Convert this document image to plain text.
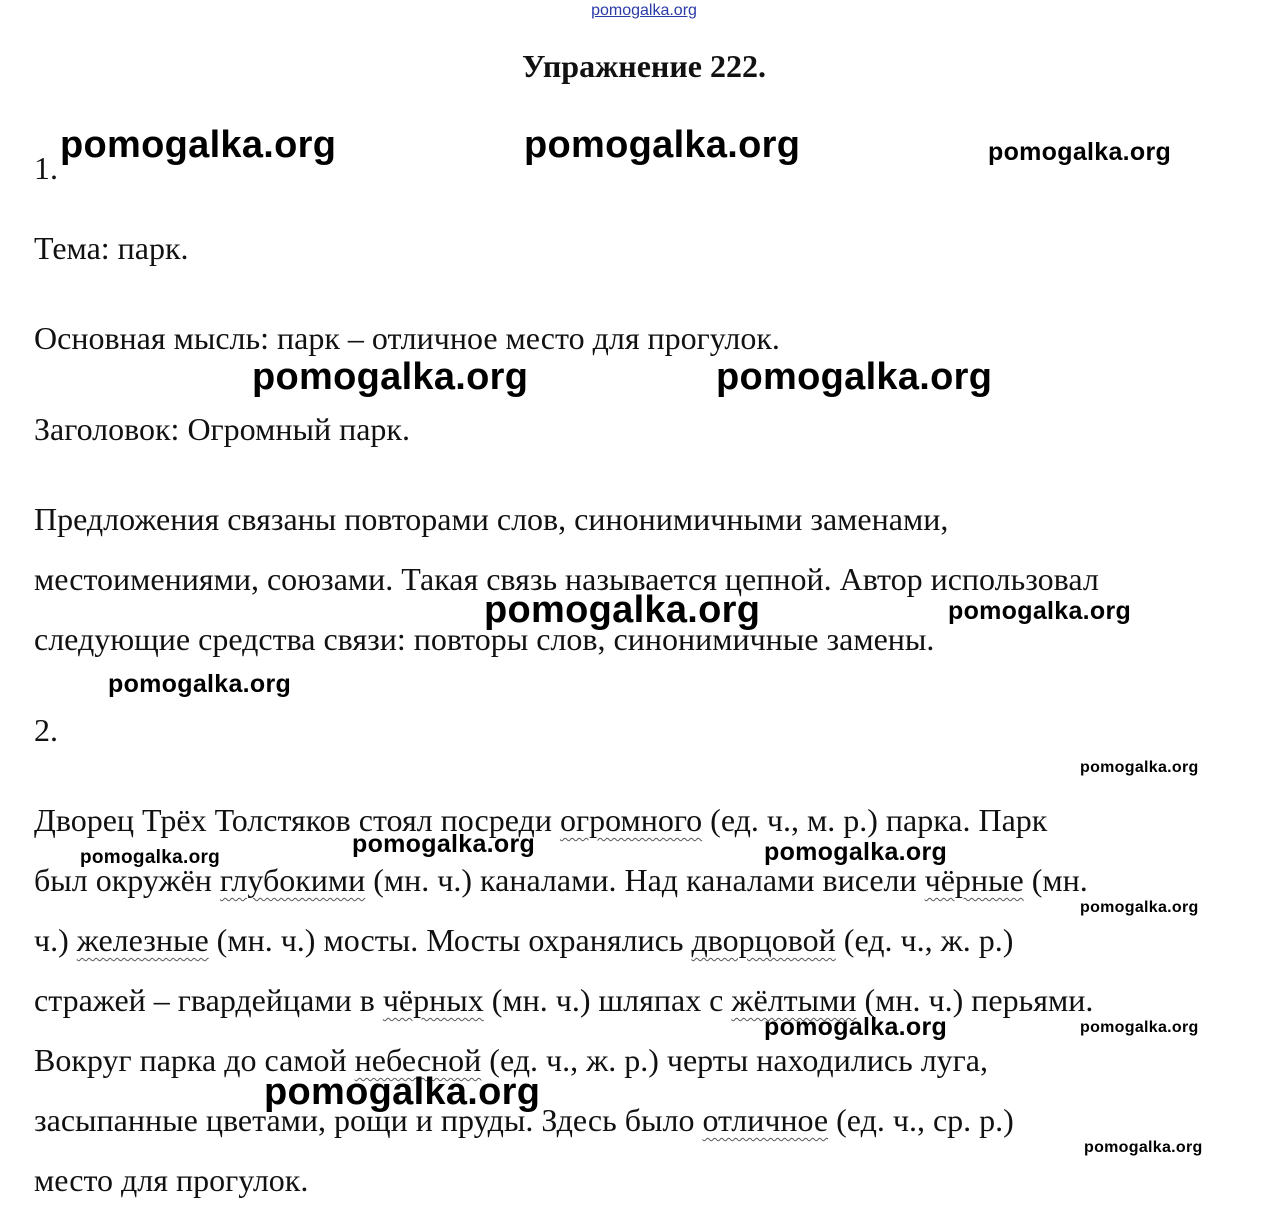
pomogalka.org
Упражнение 222.
1.
Тема: парк.
Основная мысль: парк – отличное место для прогулок.
Заголовок: Огромный парк.
Предложения связаны повторами слов, синонимичными заменами,
местоимениями, союзами. Такая связь называется цепной. Автор использовал
следующие средства связи: повторы слов, синонимичные замены.
2.
Дворец Трёх Толстяков стоял посреди огромного (ед. ч., м. р.) парка. Парк
был окружён глубокими (мн. ч.) каналами. Над каналами висели чёрные (мн.
ч.) железные (мн. ч.) мосты. Мосты охранялись дворцовой (ед. ч., ж. р.)
стражей – гвардейцами в чёрных (мн. ч.) шляпах с жёлтыми (мн. ч.) перьями.
Вокруг парка до самой небесной (ед. ч., ж. р.) черты находились луга,
засыпанные цветами, рощи и пруды. Здесь было отличное (ед. ч., ср. р.)
место для прогулок.
pomogalka.org	pomogalka.org	pomogalka.org
pomogalka.org	pomogalka.org
pomogalka.org	pomogalka.org
pomogalka.org
pomogalka.org
pomogalka.org	pomogalka.org
pomogalka.org
pomogalka.org
pomogalka.org	pomogalka.org
pomogalka.org
pomogalka.org
